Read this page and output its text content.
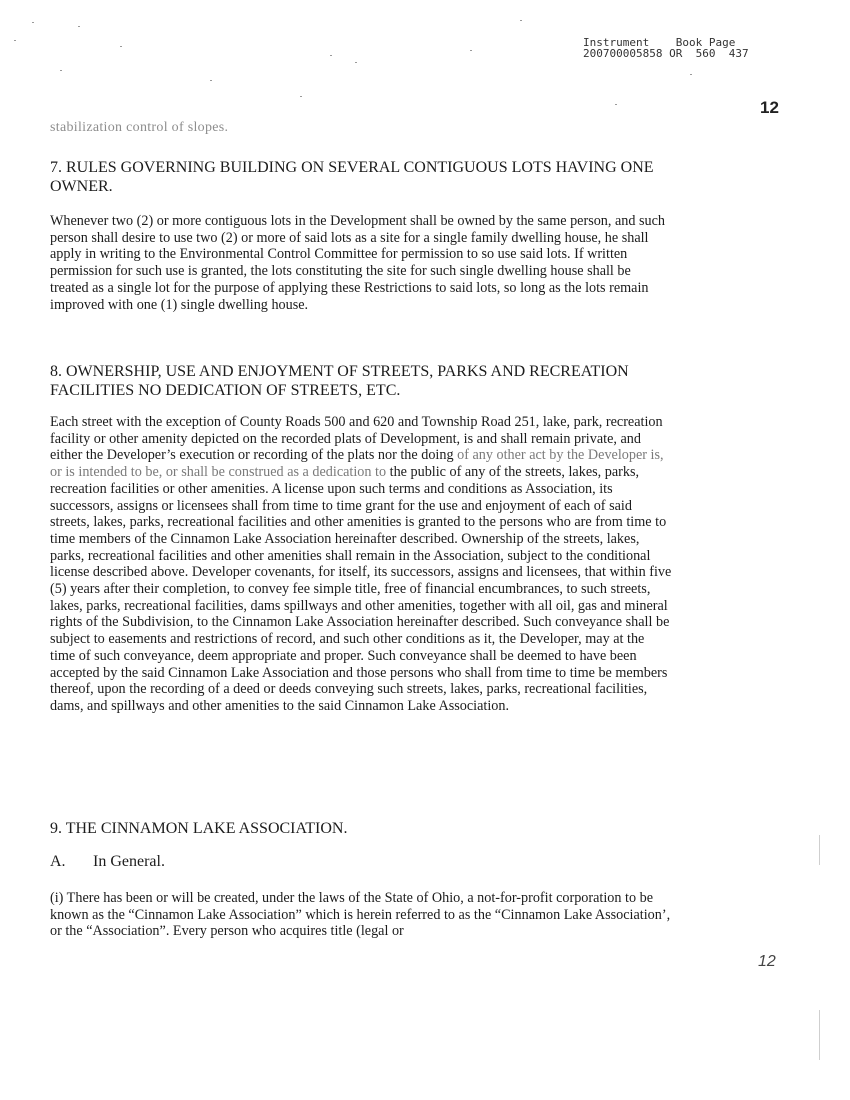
Instrument    Book Page
200700005858 OR  560  437
12
stabilization control of slopes.
7. RULES GOVERNING BUILDING ON SEVERAL CONTIGUOUS LOTS HAVING ONE
OWNER.

Whenever two (2) or more contiguous lots in the Development shall be owned by the same person, and such person shall desire to use two (2) or more of said lots as a site for a single family dwelling house, he shall apply in writing to the Environmental Control Committee for permission to so use said lots. If written permission for such use is granted, the lots constituting the site for such single dwelling house shall be treated as a single lot for the purpose of applying these Restrictions to said lots, so long as the lots remain improved with one (1) single dwelling house.

8. OWNERSHIP, USE AND ENJOYMENT OF STREETS, PARKS AND RECREATION
FACILITIES NO DEDICATION OF STREETS, ETC.

Each street with the exception of County Roads 500 and 620 and Township Road 251, lake, park, recreation facility or other amenity depicted on the recorded plats of Development, is and shall remain private, and either the Developer’s execution or recording of the plats nor the doing of any other act by the Developer is, or is intended to be, or shall be construed as a dedication to the public of any of the streets, lakes, parks, recreation facilities or other amenities. A license upon such terms and conditions as Association, its successors, assigns or licensees shall from time to time grant for the use and enjoyment of each of said streets, lakes, parks, recreational facilities and other amenities is granted to the persons who are from time to time members of the Cinnamon Lake Association hereinafter described. Ownership of the streets, lakes, parks, recreational facilities and other amenities shall remain in the Association, subject to the conditional license described above. Developer covenants, for itself, its successors, assigns and licensees, that within five (5) years after their completion, to convey fee simple title, free of financial encumbrances, to such streets, lakes, parks, recreational facilities, dams spillways and other amenities, together with all oil, gas and mineral rights of the Subdivision, to the Cinnamon Lake Association hereinafter described. Such conveyance shall be subject to easements and restrictions of record, and such other conditions as it, the Developer, may at the time of such conveyance, deem appropriate and proper. Such conveyance shall be deemed to have been accepted by the said Cinnamon Lake Association and those persons who shall from time to time be members thereof, upon the recording of a deed or deeds conveying such streets, lakes, parks, recreational facilities, dams, and spillways and other amenities to the said Cinnamon Lake Association.

9. THE CINNAMON LAKE ASSOCIATION.
A. In General.

(i) There has been or will be created, under the laws of the State of Ohio, a not-for-profit corporation to be known as the “Cinnamon Lake Association” which is herein referred to as the “Cinnamon Lake Association’, or the “Association”. Every person who acquires title (legal or

12
